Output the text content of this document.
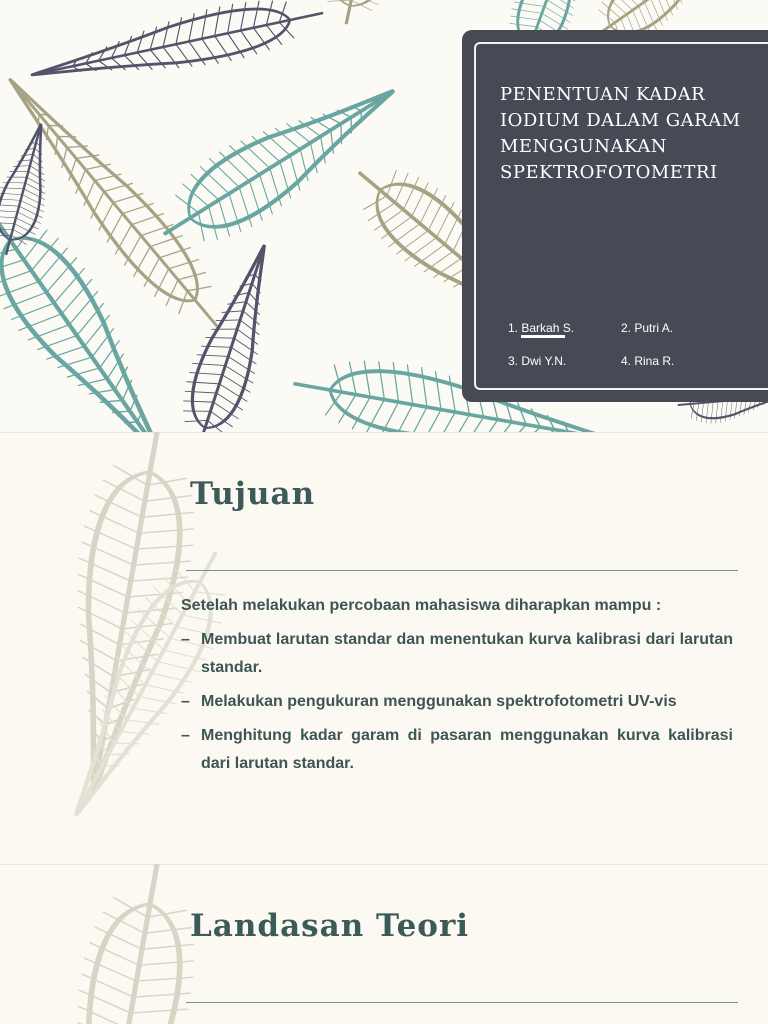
PENENTUAN KADAR IODIUM DALAM GARAM MENGGUNAKAN SPEKTROFOTOMETRI
1. Barkah S.	2. Putri A.
3. Dwi Y.N.	4. Rina R.
Tujuan

Setelah melakukan percobaan mahasiswa diharapkan mampu :

– Membuat larutan standar dan menentukan kurva kalibrasi dari larutan standar.
– Melakukan pengukuran menggunakan spektrofotometri UV-vis
– Menghitung kadar garam di pasaran menggunakan kurva kalibrasi dari larutan standar.
Landasan Teori
